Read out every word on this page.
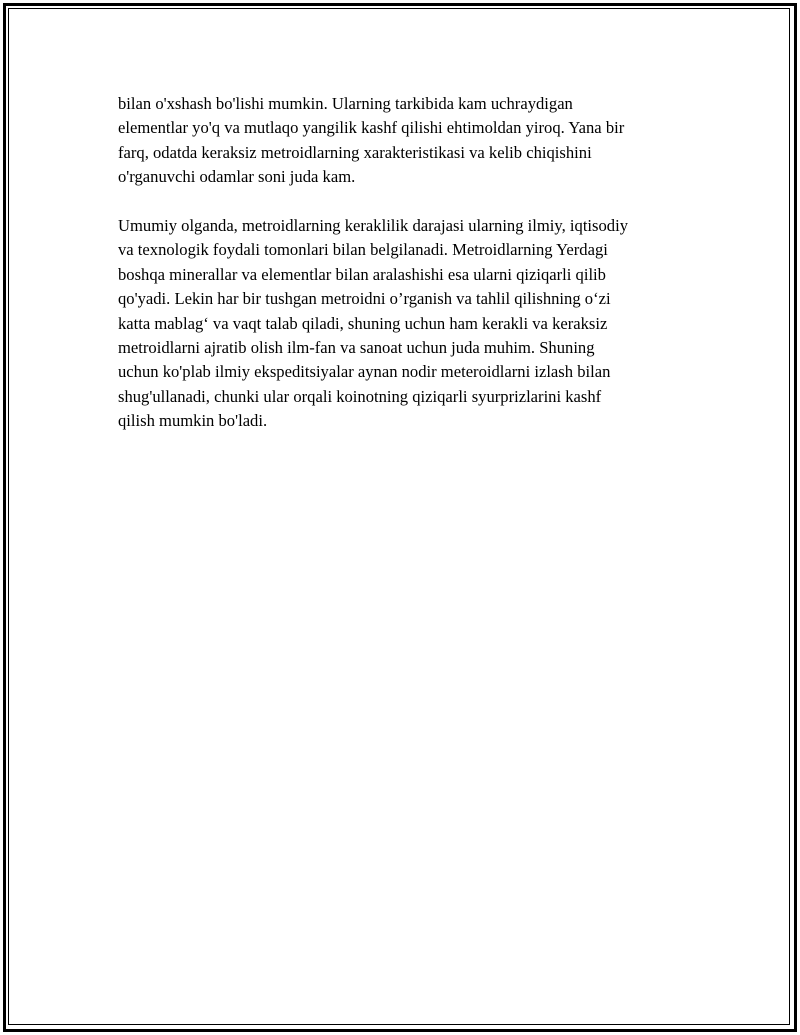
bilan o'xshash bo'lishi mumkin. Ularning tarkibida kam uchraydigan
elementlar yo'q va mutlaqo yangilik kashf qilishi ehtimoldan yiroq. Yana bir
farq, odatda keraksiz metroidlarning xarakteristikasi va kelib chiqishini
o'rganuvchi odamlar soni juda kam.

Umumiy olganda, metroidlarning keraklilik darajasi ularning ilmiy, iqtisodiy
va texnologik foydali tomonlari bilan belgilanadi. Metroidlarning Yerdagi
boshqa minerallar va elementlar bilan aralashishi esa ularni qiziqarli qilib
qo'yadi. Lekin har bir tushgan metroidni o’rganish va tahlil qilishning o‘zi
katta mablag‘ va vaqt talab qiladi, shuning uchun ham kerakli va keraksiz
metroidlarni ajratib olish ilm-fan va sanoat uchun juda muhim. Shuning
uchun ko'plab ilmiy ekspeditsiyalar aynan nodir meteroidlarni izlash bilan
shug'ullanadi, chunki ular orqali koinotning qiziqarli syurprizlarini kashf
qilish mumkin bo'ladi.
